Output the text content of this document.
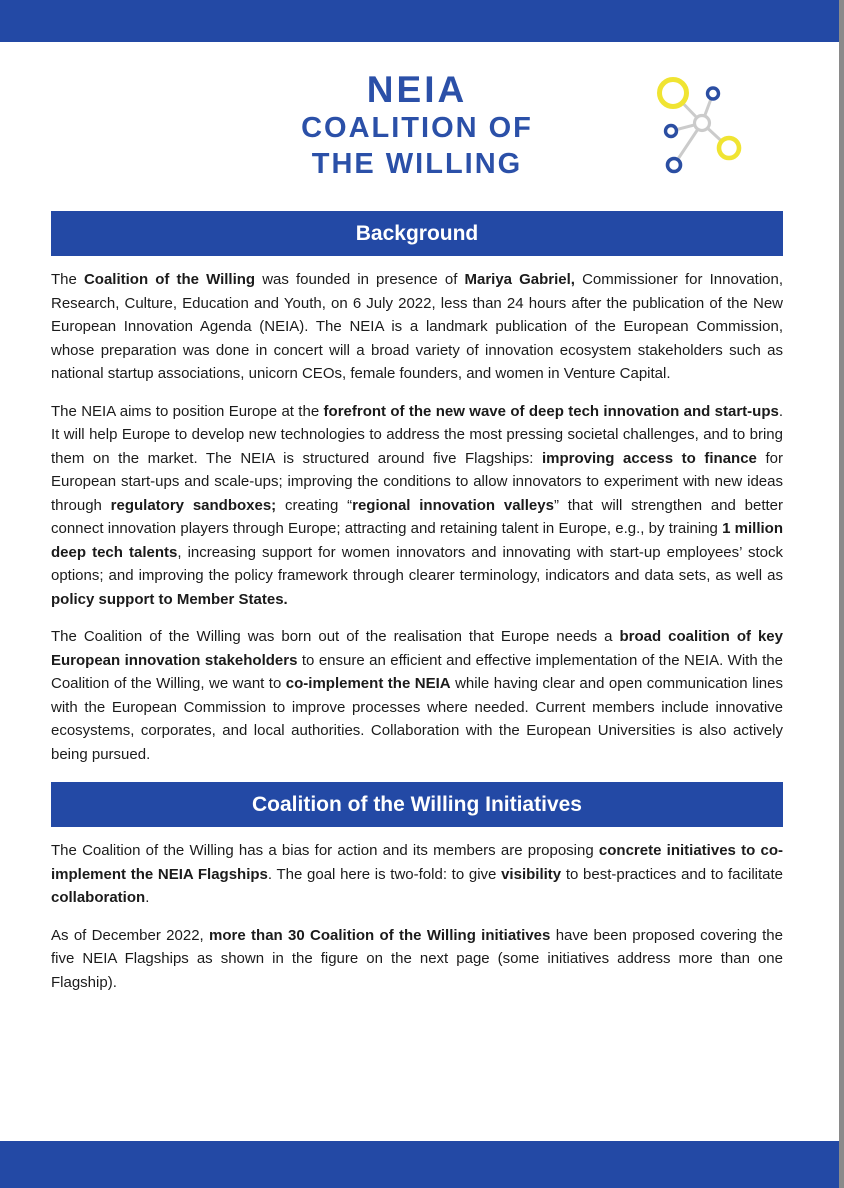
NEIA
COALITION OF
THE WILLING
Background

The Coalition of the Willing was founded in presence of Mariya Gabriel, Commissioner for Innovation, Research, Culture, Education and Youth, on 6 July 2022, less than 24 hours after the publication of the New European Innovation Agenda (NEIA). The NEIA is a landmark publication of the European Commission, whose preparation was done in concert will a broad variety of innovation ecosystem stakeholders such as national startup associations, unicorn CEOs, female founders, and women in Venture Capital.

The NEIA aims to position Europe at the forefront of the new wave of deep tech innovation and start-ups. It will help Europe to develop new technologies to address the most pressing societal challenges, and to bring them on the market. The NEIA is structured around five Flagships: improving access to finance for European start-ups and scale-ups; improving the conditions to allow innovators to experiment with new ideas through regulatory sandboxes; creating “regional innovation valleys” that will strengthen and better connect innovation players through Europe; attracting and retaining talent in Europe, e.g., by training 1 million deep tech talents, increasing support for women innovators and innovating with start-up employees’ stock options; and improving the policy framework through clearer terminology, indicators and data sets, as well as policy support to Member States.

The Coalition of the Willing was born out of the realisation that Europe needs a broad coalition of key European innovation stakeholders to ensure an efficient and effective implementation of the NEIA. With the Coalition of the Willing, we want to co-implement the NEIA while having clear and open communication lines with the European Commission to improve processes where needed. Current members include innovative ecosystems, corporates, and local authorities. Collaboration with the European Universities is also actively being pursued.

Coalition of the Willing Initiatives

The Coalition of the Willing has a bias for action and its members are proposing concrete initiatives to co-implement the NEIA Flagships. The goal here is two-fold: to give visibility to best-practices and to facilitate collaboration.

As of December 2022, more than 30 Coalition of the Willing initiatives have been proposed covering the five NEIA Flagships as shown in the figure on the next page (some initiatives address more than one Flagship).
